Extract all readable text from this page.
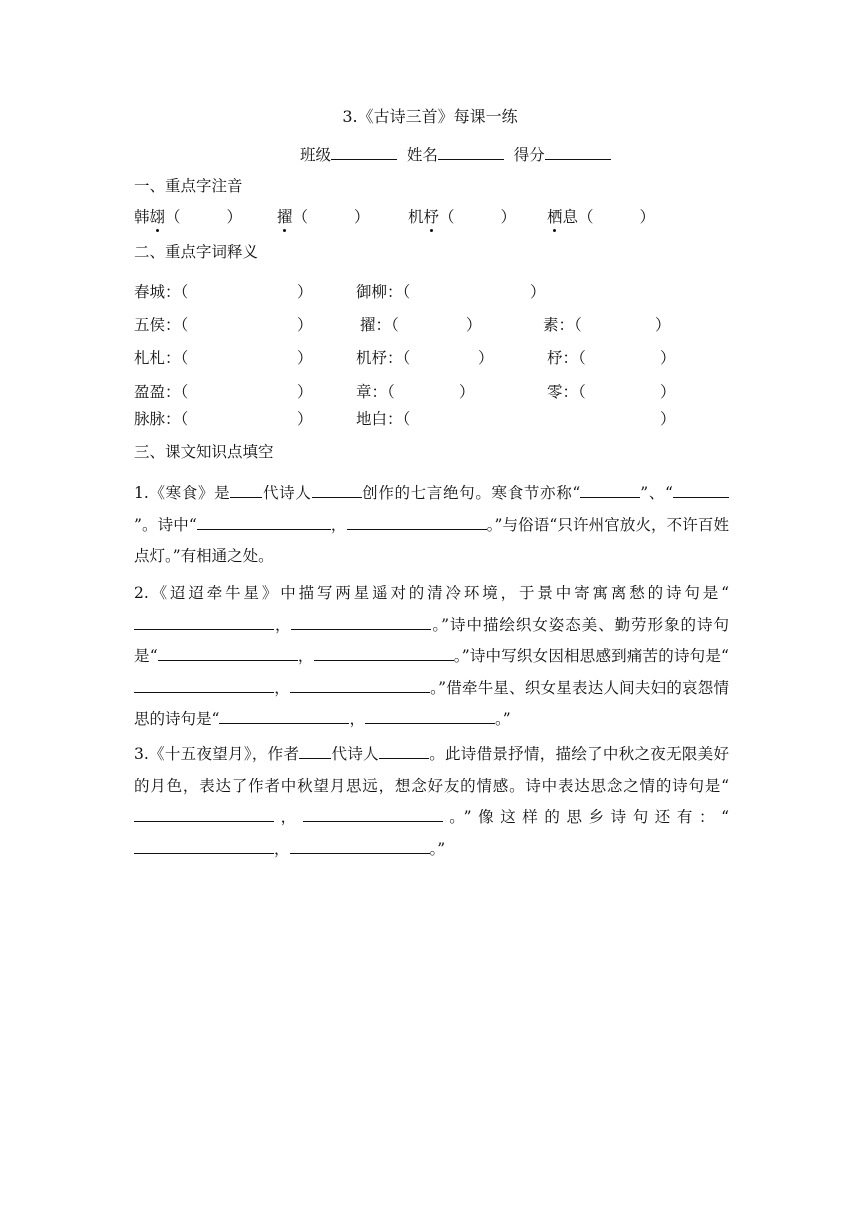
3.《古诗三首》每课一练
班级	姓名	得分
一、重点字注音
韩翃（	） 擢（	） 机杼（	） 栖息（	）
二、重点字词释义
春城：（	）	御柳：（	）
五侯：（	）	擢：（	）	素：（	）
札札：（	）	机杼：（	）	杼：（	）
盈盈：（	）	章：（	）	零：（	）
脉脉：（	）	地白：（	）
三、课文知识点填空
1.《寒食》是 代诗人	创作的七言绝句。寒食节亦称“	”、“”。诗中“	，	。”与俗语“只许州官放火，不许百姓点灯。”有相通之处。
2.《迢迢牵牛星》中描写两星遥对的清冷环境，于景中寄寓离愁的诗句是“，	。”诗中描绘织女姿态美、勤劳形象的诗句是“	，	。”诗中写织女因相思感到痛苦的诗句是“，	。”借牵牛星、织女星表达人间夫妇的哀怨情思的诗句是“	，	。”
3.《十五夜望月》，作者 代诗人	。此诗借景抒情，描绘了中秋之夜无限美好的月色，表达了作者中秋望月思远，想念好友的情感。诗中表达思念之情的诗句是“，	。”像这样的思乡诗句还有：“，	。”
